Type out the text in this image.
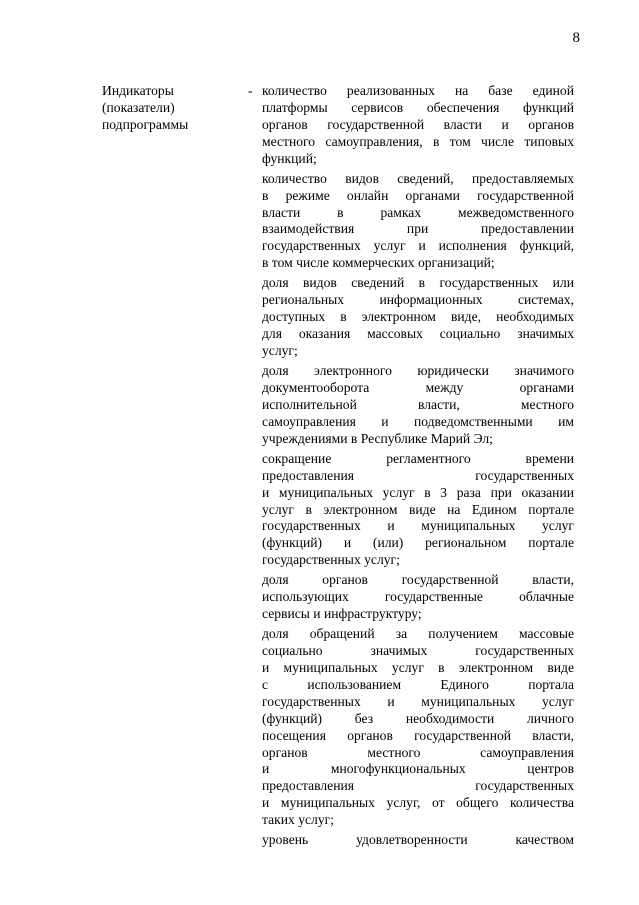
8
Индикаторы
(показатели)
подпрограммы
- количество реализованных на базе единой
платформы сервисов обеспечения функций
органов государственной власти и органов
местного самоуправления, в том числе типовых
функций;
количество видов сведений, предоставляемых
в режиме онлайн органами государственной
власти в рамках межведомственного
взаимодействия при предоставлении
государственных услуг и исполнения функций,
в том числе коммерческих организаций;
доля видов сведений в государственных или
региональных информационных системах,
доступных в электронном виде, необходимых
для оказания массовых социально значимых
услуг;
доля электронного юридически значимого
документооборота между органами
исполнительной власти, местного
самоуправления и подведомственными им
учреждениями в Республике Марий Эл;
сокращение регламентного времени
предоставления государственных
и муниципальных услуг в 3 раза при оказании
услуг в электронном виде на Едином портале
государственных и муниципальных услуг
(функций) и (или) региональном портале
государственных услуг;
доля органов государственной власти,
использующих государственные облачные
сервисы и инфраструктуру;
доля обращений за получением массовые
социально значимых государственных
и муниципальных услуг в электронном виде
с использованием Единого портала
государственных и муниципальных услуг
(функций) без необходимости личного
посещения органов государственной власти,
органов местного самоуправления
и многофункциональных центров
предоставления государственных
и муниципальных услуг, от общего количества
таких услуг;
уровень удовлетворенности качеством
